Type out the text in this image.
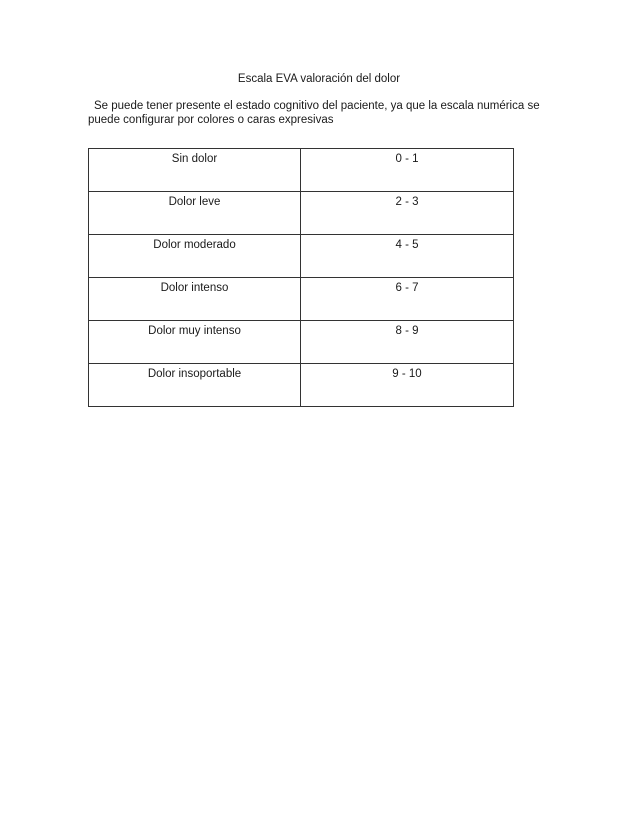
Escala EVA valoración del dolor
Se puede tener presente el estado cognitivo del paciente, ya que la escala numérica se puede configurar por colores o caras expresivas
Sin dolor	0 - 1
Dolor leve	2 - 3
Dolor moderado	4 - 5
Dolor intenso	6 - 7
Dolor muy intenso	8 - 9
Dolor insoportable	9 - 10
